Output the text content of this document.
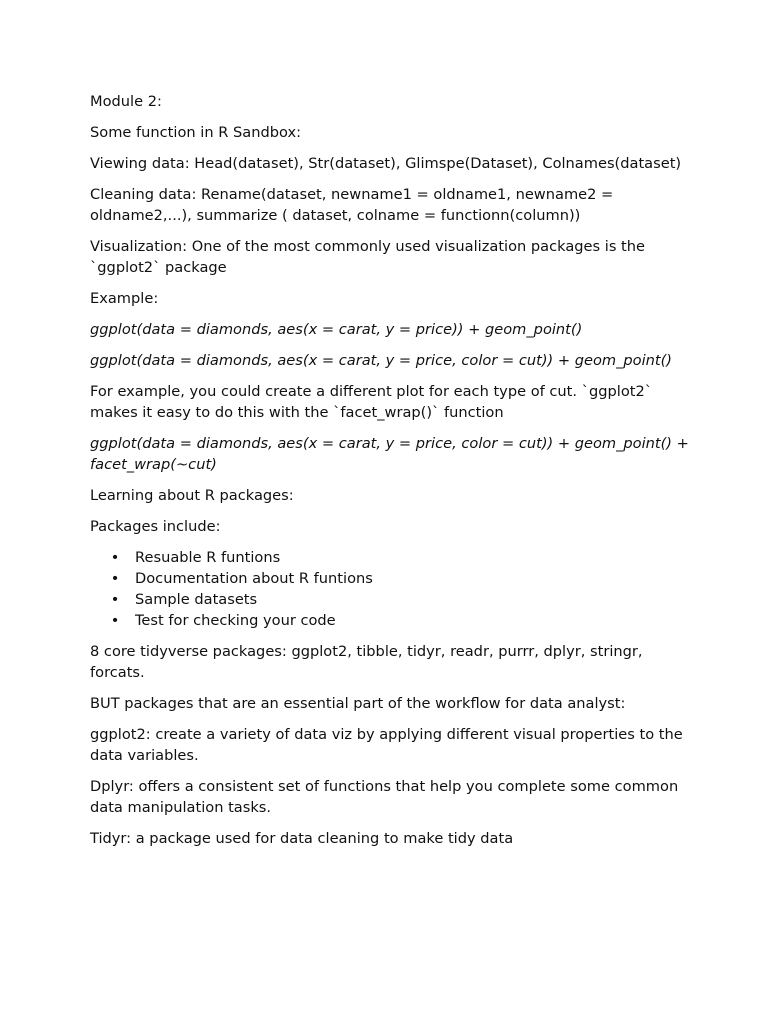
Module 2:

Some function in R Sandbox:

Viewing data: Head(dataset), Str(dataset), Glimspe(Dataset), Colnames(dataset)

Cleaning data: Rename(dataset, newname1 = oldname1, newname2 = oldname2,...), summarize ( dataset, colname = functionn(column))

Visualization: One of the most commonly used visualization packages is the `ggplot2` package

Example:

ggplot(data = diamonds, aes(x = carat, y = price)) + geom_point()

ggplot(data = diamonds, aes(x = carat, y = price, color = cut)) + geom_point()

For example, you could create a different plot for each type of cut. `ggplot2` makes it easy to do this with the `facet_wrap()` function

ggplot(data = diamonds, aes(x = carat, y = price, color = cut)) + geom_point() + facet_wrap(~cut)

Learning about R packages:

Packages include:

• Resuable R funtions
• Documentation about R funtions
• Sample datasets
• Test for checking your code

8 core tidyverse packages: ggplot2, tibble, tidyr, readr, purrr, dplyr, stringr, forcats.

BUT packages that are an essential part of the workflow for data analyst:

ggplot2: create a variety of data viz by applying different visual properties to the data variables.

Dplyr: offers a consistent set of functions that help you complete some common data manipulation tasks.

Tidyr: a package used for data cleaning to make tidy data
